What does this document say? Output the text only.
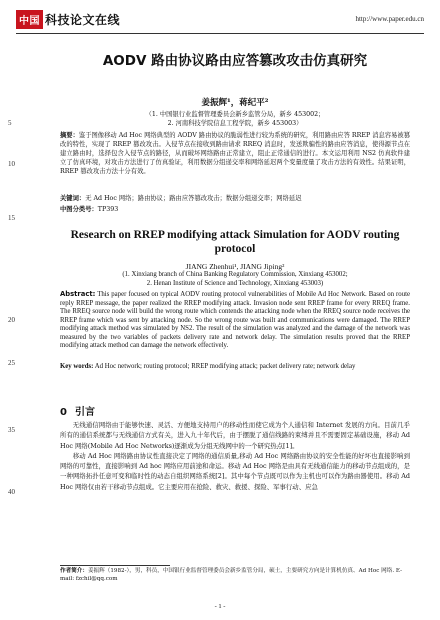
中国 科技论文在线	http://www.paper.edu.cn
5
10
15
20
25
35
40
AODV 路由协议路由应答篡改攻击仿真研究
姜振辉¹，蒋纪平²
（1. 中国银行业监督管理委员会新乡监管分局，新乡 453002；
2. 河南科技学院信息工程学院，新乡 453003）
摘要：鉴于图像移动 Ad Hoc 网络典型的 AODV 路由协议的脆弱性进行较为系统的研究，利用路由应答 RREP 消息容易被篡改的特性，实现了 RREP 篡改攻击。入侵节点在接收到路由请求 RREQ 消息时，发送欺骗性的路由应答消息，使得源节点在建立路由时，选择包含入侵节点的路径，从而破坏网络路由正常建立，阻止正常通信的进行。本文运用利用 NS2 仿真软件建立了仿真环境，对攻击方法进行了仿真验证，利用数据分组递交率和网络延迟两个变量度量了攻击方法的有效性。结果证明，RREP 篡改攻击方法十分有效。
关键词：无 Ad Hoc 网络；路由协议；路由应答篡改攻击；数据分组递交率；网络延迟
中图分类号：TP393
Research on RREP modifying attack Simulation for AODV routing protocol
JIANG Zhenhui¹, JIANG Jiping²
(1. Xinxiang branch of China Banking Regulatory Commission, Xinxiang 453002;
2. Henan Institute of Science and Technology, Xinxiang 453003)
Abstract: This paper focused on typical AODV routing protocol vulnerabilities of Mobile Ad Hoc Network. Based on route reply RREP message, the paper realized the RREP modifying attack. Invasion node sent RREP frame for every RREQ frame. The RREQ source node will build the wrong route which contends the attacking node when the RREQ source node receives the RREP frame which was sent by attacking node. So the wrong route was built and communications were damaged. The RREP modifying attack method was simulated by NS2. The result of the simulation was analyzed and the damage of the network was measured by the two variables of packets delivery rate and network delay. The simulation results proved that the RREP modifying attack method can damage the network effectively.
Key words: Ad Hoc network; routing protocol; RREP modifying attack; packet delivery rate; network delay
0 引言

无线通信网络由于能够快速、灵活、方便地支持用户的移动性而使它成为个人通信和 Internet 发展的方向。目前几乎所有的通信系统都与无线通信方式有关，进入九十年代后，由于摆脱了通信线路的束缚并且不需要固定基础设施，移动 Ad Hoc 网络(Mobile Ad Hoc Networks)逐渐成为分组无线网中的一个研究热点[1]。

移动 Ad Hoc 网络路由协议性直接决定了网络的通信质量,移动 Ad Hoc 网络路由协议的安全性能的好坏也直接影响到网络的可靠性，直接影响到 Ad hoc 网络应用前途和命运。移动 Ad Hoc 网络是由具有无线通信能力的移动节点组成的，是一种网络拓扑任意可变和临时性的动态自组织网络系统[2]。其中每个节点既可以作为主机也可以作为路由器使用。移动 Ad Hoc 网络仅由若干移动节点组成。它主要应用在抢险、救灾、救援、探险、军事行动、应急

作者简介：姜振辉（1982-），男，科员，中国银行业监督管理委员会新乡监管分局，硕士，主要研究方向是计算机仿真、Ad Hoc 网络. E-mail: fzchil@qq.com
- 1 -
